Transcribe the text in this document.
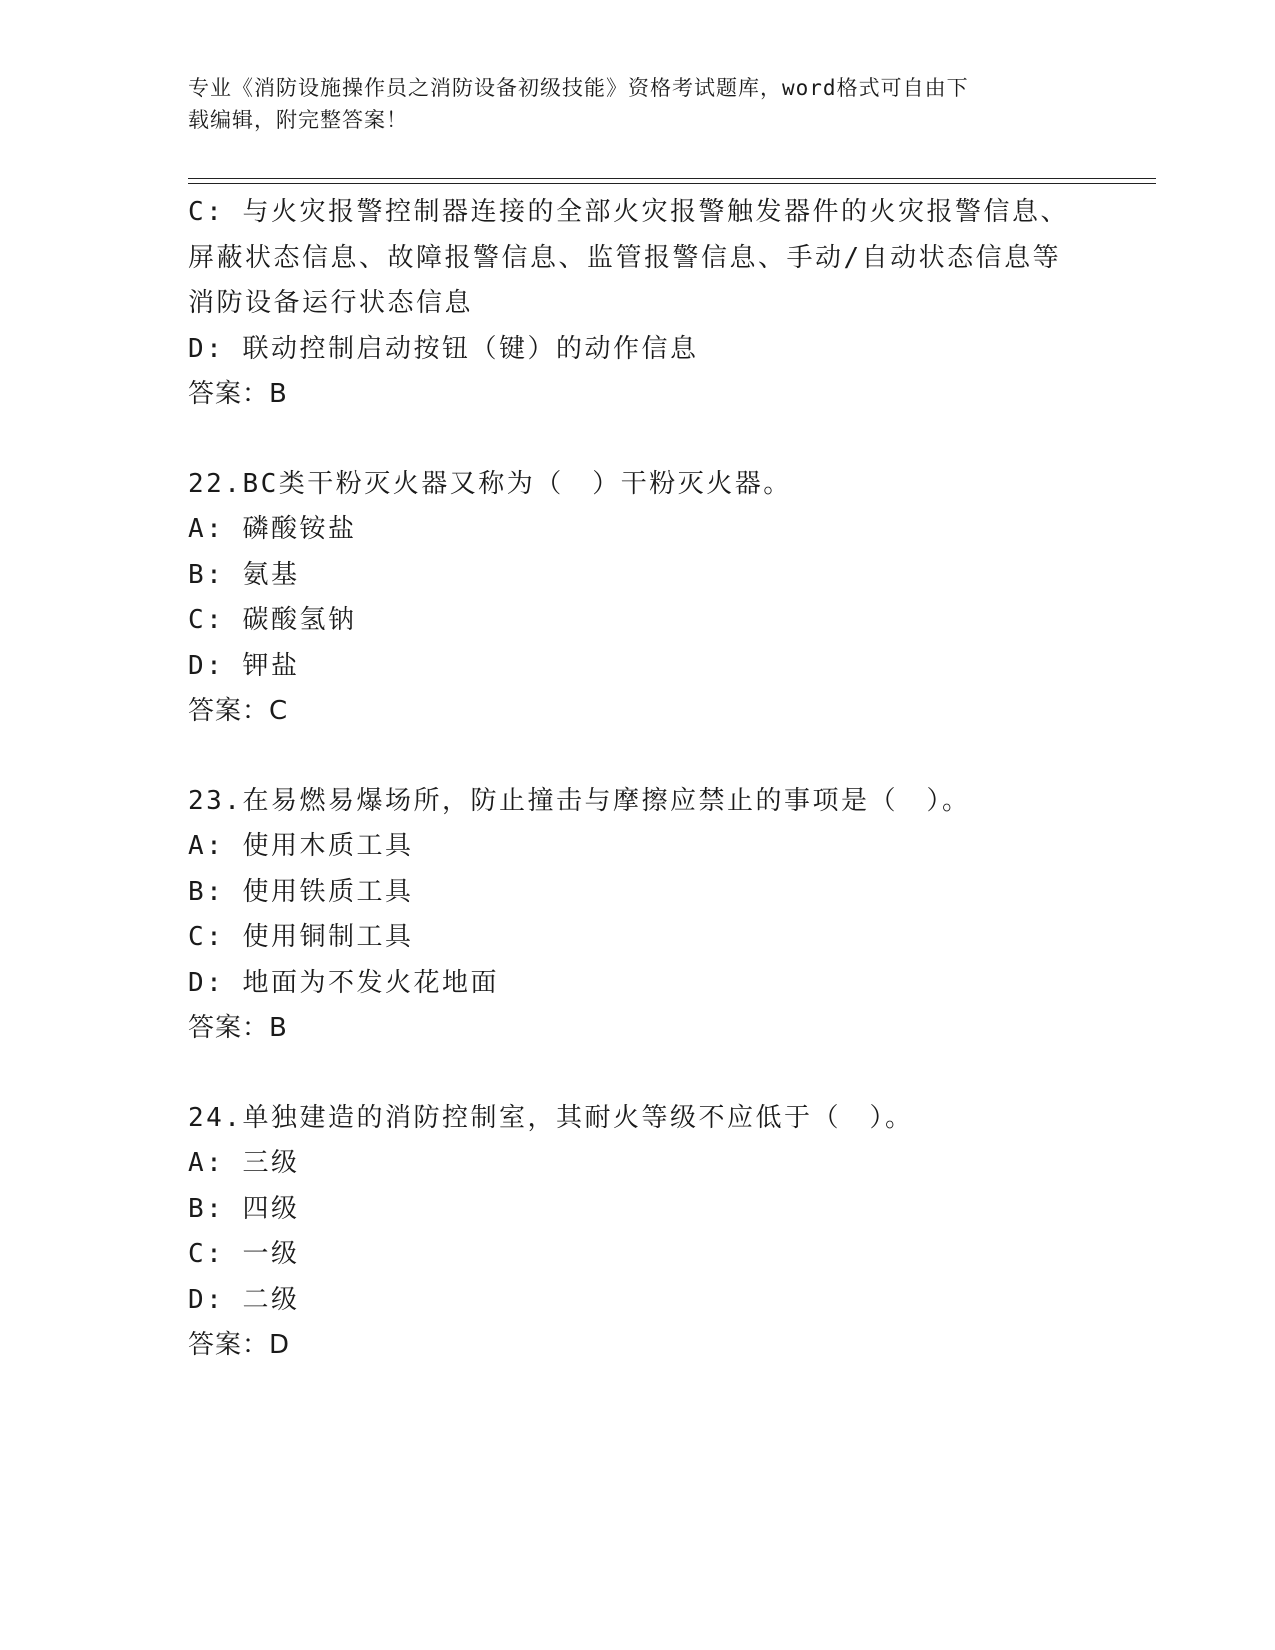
专业《消防设施操作员之消防设备初级技能》资格考试题库，word格式可自由下
载编辑，附完整答案！
C: 与火灾报警控制器连接的全部火灾报警触发器件的火灾报警信息、
屏蔽状态信息、故障报警信息、监管报警信息、手动/自动状态信息等
消防设备运行状态信息
D: 联动控制启动按钮（键）的动作信息
答案：B
22.BC类干粉灭火器又称为（　）干粉灭火器。
A: 磷酸铵盐
B: 氨基
C: 碳酸氢钠
D: 钾盐
答案：C
23.在易燃易爆场所，防止撞击与摩擦应禁止的事项是（　）。
A: 使用木质工具
B: 使用铁质工具
C: 使用铜制工具
D: 地面为不发火花地面
答案：B
24.单独建造的消防控制室，其耐火等级不应低于（　）。
A: 三级
B: 四级
C: 一级
D: 二级
答案：D
